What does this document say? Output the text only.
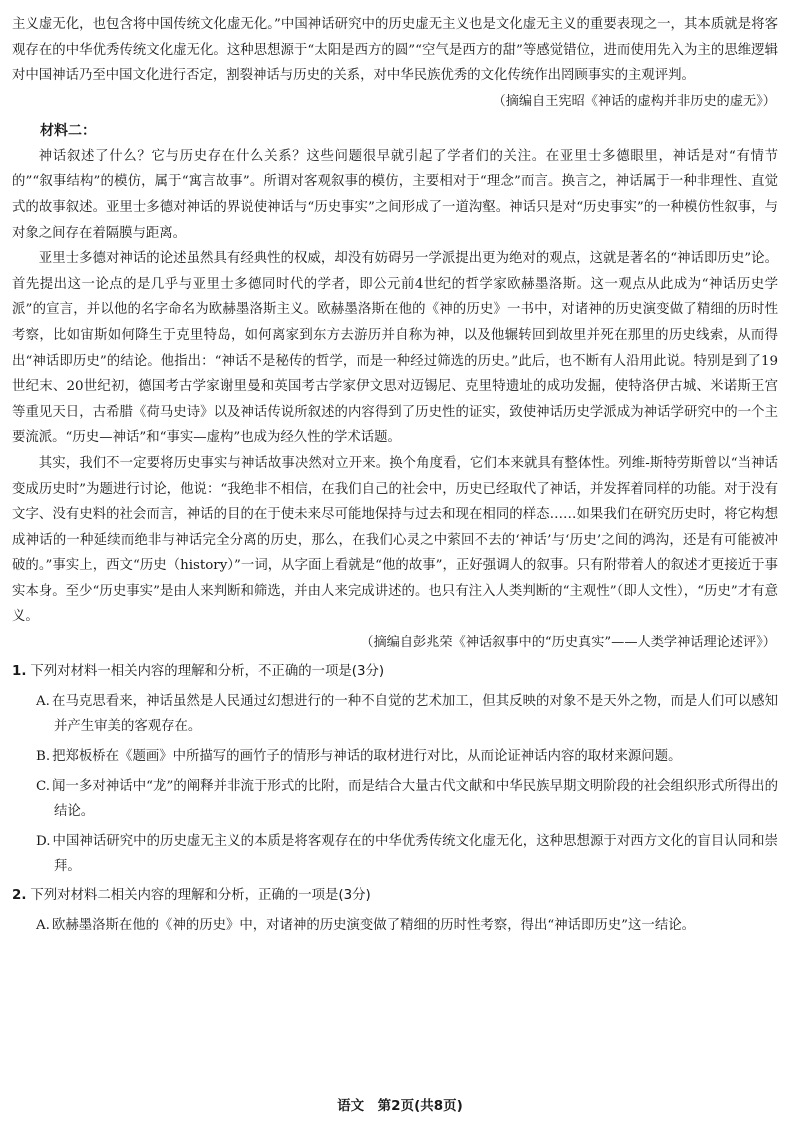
主义虚无化，也包含将中国传统文化虚无化。”中国神话研究中的历史虚无主义也是文化虚无主义的重要表现之一，其本质就是将客观存在的中华优秀传统文化虚无化。这种思想源于“太阳是西方的圆”“空气是西方的甜”等感觉错位，进而使用先入为主的思维逻辑对中国神话乃至中国文化进行否定，割裂神话与历史的关系，对中华民族优秀的文化传统作出罔顾事实的主观评判。

（摘编自王宪昭《神话的虚构并非历史的虚无》）

材料二：

神话叙述了什么？它与历史存在什么关系？这些问题很早就引起了学者们的关注。在亚里士多德眼里，神话是对“有情节的”“叙事结构”的模仿，属于“寓言故事”。所谓对客观叙事的模仿，主要相对于“理念”而言。换言之，神话属于一种非理性、直觉式的故事叙述。亚里士多德对神话的界说使神话与“历史事实”之间形成了一道沟壑。神话只是对“历史事实”的一种模仿性叙事，与对象之间存在着隔膜与距离。

亚里士多德对神话的论述虽然具有经典性的权威，却没有妨碍另一学派提出更为绝对的观点，这就是著名的“神话即历史”论。首先提出这一论点的是几乎与亚里士多德同时代的学者，即公元前4世纪的哲学家欧赫墨洛斯。这一观点从此成为“神话历史学派”的宣言，并以他的名字命名为欧赫墨洛斯主义。欧赫墨洛斯在他的《神的历史》一书中，对诸神的历史演变做了精细的历时性考察，比如宙斯如何降生于克里特岛，如何离家到东方去游历并自称为神，以及他辗转回到故里并死在那里的历史线索，从而得出“神话即历史”的结论。他指出：“神话不是秘传的哲学，而是一种经过筛选的历史。”此后，也不断有人沿用此说。特别是到了19世纪末、20世纪初，德国考古学家谢里曼和英国考古学家伊文思对迈锡尼、克里特遗址的成功发掘，使特洛伊古城、米诺斯王宫等重见天日，古希腊《荷马史诗》以及神话传说所叙述的内容得到了历史性的证实，致使神话历史学派成为神话学研究中的一个主要流派。“历史—神话”和“事实—虚构”也成为经久性的学术话题。

其实，我们不一定要将历史事实与神话故事决然对立开来。换个角度看，它们本来就具有整体性。列维-斯特劳斯曾以“当神话变成历史时”为题进行讨论，他说：“我绝非不相信，在我们自己的社会中，历史已经取代了神话，并发挥着同样的功能。对于没有文字、没有史料的社会而言，神话的目的在于使未来尽可能地保持与过去和现在相同的样态……如果我们在研究历史时，将它构想成神话的一种延续而绝非与神话完全分离的历史，那么，在我们心灵之中萦回不去的‘神话’与‘历史’之间的鸿沟，还是有可能被冲破的。”事实上，西文“历史（history）”一词，从字面上看就是“他的故事”，正好强调人的叙事。只有附带着人的叙述才更接近于事实本身。至少“历史事实”是由人来判断和筛选，并由人来完成讲述的。也只有注入人类判断的“主观性”（即人文性），“历史”才有意义。

（摘编自彭兆荣《神话叙事中的“历史真实”——人类学神话理论述评》）

1. 下列对材料一相关内容的理解和分析，不正确的一项是(3分)

A. 在马克思看来，神话虽然是人民通过幻想进行的一种不自觉的艺术加工，但其反映的对象不是天外之物，而是人们可以感知并产生审美的客观存在。

B. 把郑板桥在《题画》中所描写的画竹子的情形与神话的取材进行对比，从而论证神话内容的取材来源问题。

C. 闻一多对神话中“龙”的阐释并非流于形式的比附，而是结合大量古代文献和中华民族早期文明阶段的社会组织形式所得出的结论。

D. 中国神话研究中的历史虚无主义的本质是将客观存在的中华优秀传统文化虚无化，这种思想源于对西方文化的盲目认同和崇拜。

2. 下列对材料二相关内容的理解和分析，正确的一项是(3分)

A. 欧赫墨洛斯在他的《神的历史》中，对诸神的历史演变做了精细的历时性考察，得出“神话即历史”这一结论。

语文　第2页(共8页)
